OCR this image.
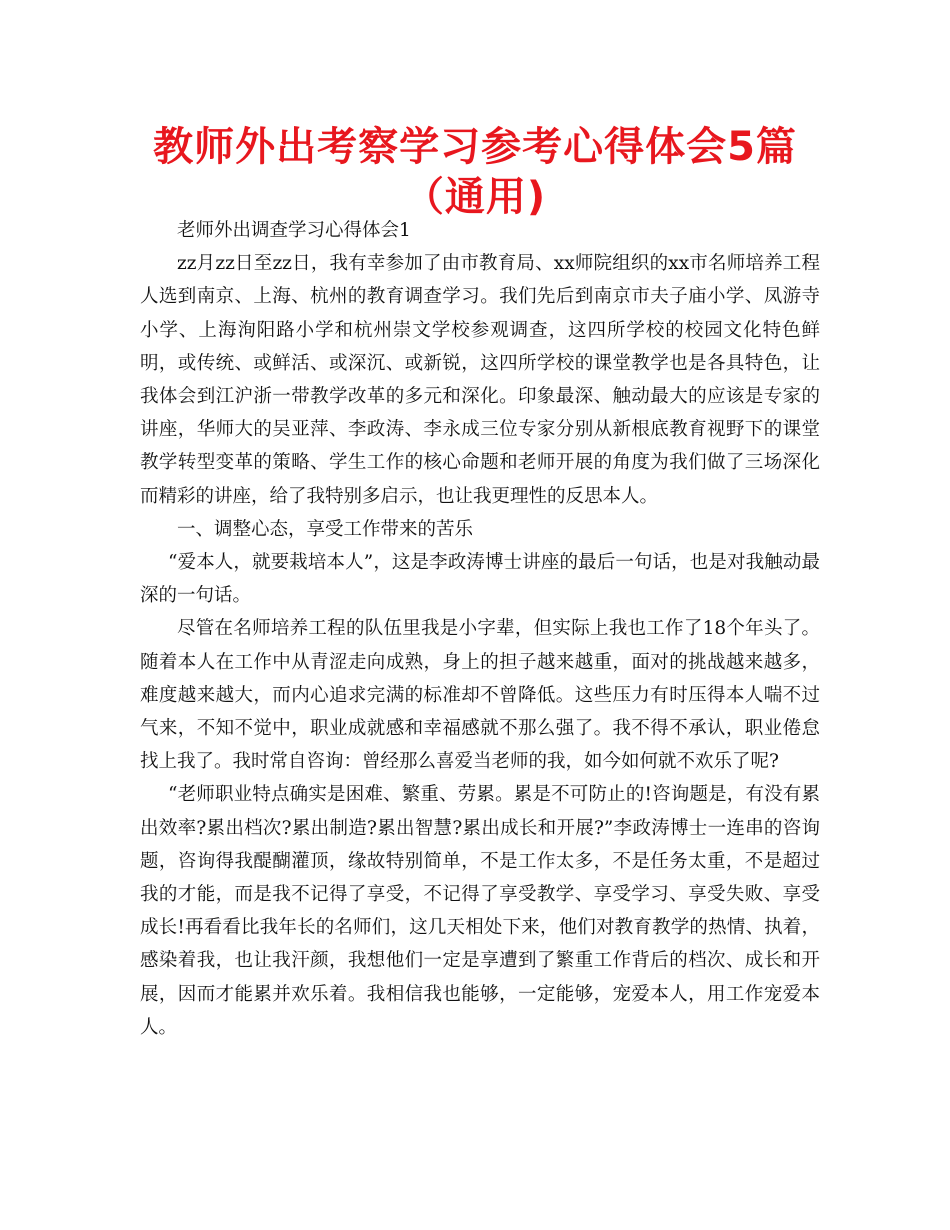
教师外出考察学习参考心得体会5篇（通用)

老师外出调查学习心得体会1

zz月zz日至zz日，我有幸参加了由市教育局、xx师院组织的xx市名师培养工程人选到南京、上海、杭州的教育调查学习。我们先后到南京市夫子庙小学、凤游寺小学、上海洵阳路小学和杭州崇文学校参观调查，这四所学校的校园文化特色鲜明，或传统、或鲜活、或深沉、或新锐，这四所学校的课堂教学也是各具特色，让我体会到江沪浙一带教学改革的多元和深化。印象最深、触动最大的应该是专家的讲座，华师大的吴亚萍、李政涛、李永成三位专家分别从新根底教育视野下的课堂教学转型变革的策略、学生工作的核心命题和老师开展的角度为我们做了三场深化而精彩的讲座，给了我特别多启示，也让我更理性的反思本人。

一、调整心态，享受工作带来的苦乐

“爱本人，就要栽培本人”，这是李政涛博士讲座的最后一句话，也是对我触动最深的一句话。

尽管在名师培养工程的队伍里我是小字辈，但实际上我也工作了18个年头了。随着本人在工作中从青涩走向成熟，身上的担子越来越重，面对的挑战越来越多，难度越来越大，而内心追求完满的标准却不曾降低。这些压力有时压得本人喘不过气来，不知不觉中，职业成就感和幸福感就不那么强了。我不得不承认，职业倦怠找上我了。我时常自咨询：曾经那么喜爱当老师的我，如今如何就不欢乐了呢?

“老师职业特点确实是困难、繁重、劳累。累是不可防止的!咨询题是，有没有累出效率?累出档次?累出制造?累出智慧?累出成长和开展?”李政涛博士一连串的咨询题，咨询得我醍醐灌顶，缘故特别简单，不是工作太多，不是任务太重，不是超过我的才能，而是我不记得了享受，不记得了享受教学、享受学习、享受失败、享受成长!再看看比我年长的名师们，这几天相处下来，他们对教育教学的热情、执着，感染着我，也让我汗颜，我想他们一定是享遭到了繁重工作背后的档次、成长和开展，因而才能累并欢乐着。我相信我也能够，一定能够，宠爱本人，用工作宠爱本人。
